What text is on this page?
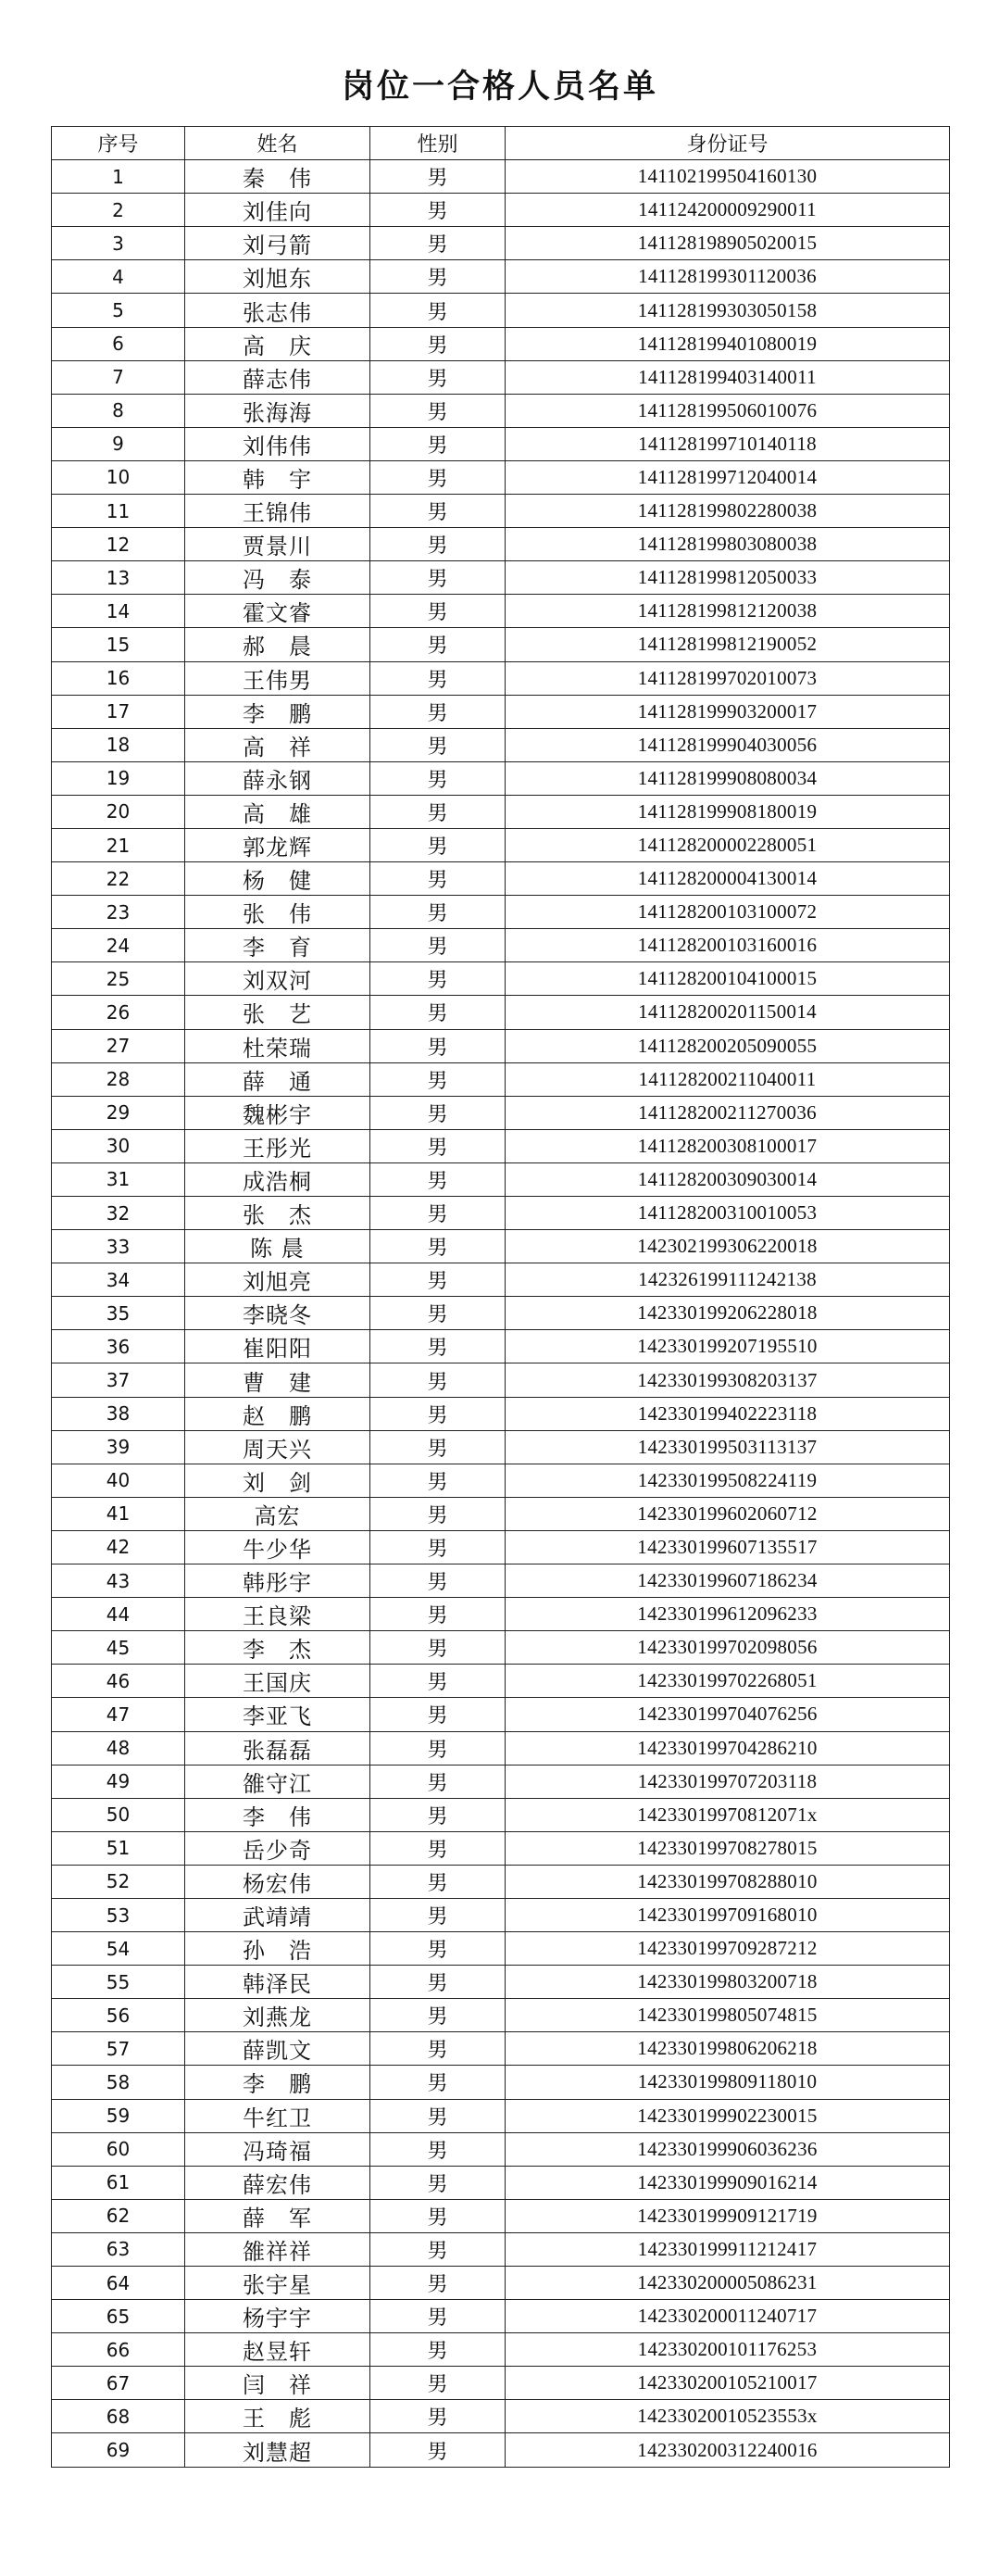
岗位一合格人员名单
序号	姓名	性别	身份证号
1	秦　伟	男	141102199504160130
2	刘佳向	男	141124200009290011
3	刘弓箭	男	141128198905020015
4	刘旭东	男	141128199301120036
5	张志伟	男	141128199303050158
6	高　庆	男	141128199401080019
7	薛志伟	男	141128199403140011
8	张海海	男	141128199506010076
9	刘伟伟	男	141128199710140118
10	韩　宇	男	141128199712040014
11	王锦伟	男	141128199802280038
12	贾景川	男	141128199803080038
13	冯　泰	男	141128199812050033
14	霍文睿	男	141128199812120038
15	郝　晨	男	141128199812190052
16	王伟男	男	141128199702010073
17	李　鹏	男	141128199903200017
18	高　祥	男	141128199904030056
19	薛永钢	男	141128199908080034
20	高　雄	男	141128199908180019
21	郭龙辉	男	141128200002280051
22	杨　健	男	141128200004130014
23	张　伟	男	141128200103100072
24	李　育	男	141128200103160016
25	刘双河	男	141128200104100015
26	张　艺	男	141128200201150014
27	杜荣瑞	男	141128200205090055
28	薛　通	男	141128200211040011
29	魏彬宇	男	141128200211270036
30	王彤光	男	141128200308100017
31	成浩桐	男	141128200309030014
32	张　杰	男	141128200310010053
33	陈 晨	男	142302199306220018
34	刘旭亮	男	142326199111242138
35	李晓冬	男	142330199206228018
36	崔阳阳	男	142330199207195510
37	曹　建	男	142330199308203137
38	赵　鹏	男	142330199402223118
39	周天兴	男	142330199503113137
40	刘　剑	男	142330199508224119
41	高宏	男	142330199602060712
42	牛少华	男	142330199607135517
43	韩彤宇	男	142330199607186234
44	王良梁	男	142330199612096233
45	李　杰	男	142330199702098056
46	王国庆	男	142330199702268051
47	李亚飞	男	142330199704076256
48	张磊磊	男	142330199704286210
49	雒守江	男	142330199707203118
50	李　伟	男	14233019970812071x
51	岳少奇	男	142330199708278015
52	杨宏伟	男	142330199708288010
53	武靖靖	男	142330199709168010
54	孙　浩	男	142330199709287212
55	韩泽民	男	142330199803200718
56	刘燕龙	男	142330199805074815
57	薛凯文	男	142330199806206218
58	李　鹏	男	142330199809118010
59	牛红卫	男	142330199902230015
60	冯琦福	男	142330199906036236
61	薛宏伟	男	142330199909016214
62	薛　军	男	142330199909121719
63	雒祥祥	男	142330199911212417
64	张宇星	男	142330200005086231
65	杨宇宇	男	142330200011240717
66	赵昱轩	男	142330200101176253
67	闫　祥	男	142330200105210017
68	王　彪	男	14233020010523553x
69	刘慧超	男	142330200312240016
